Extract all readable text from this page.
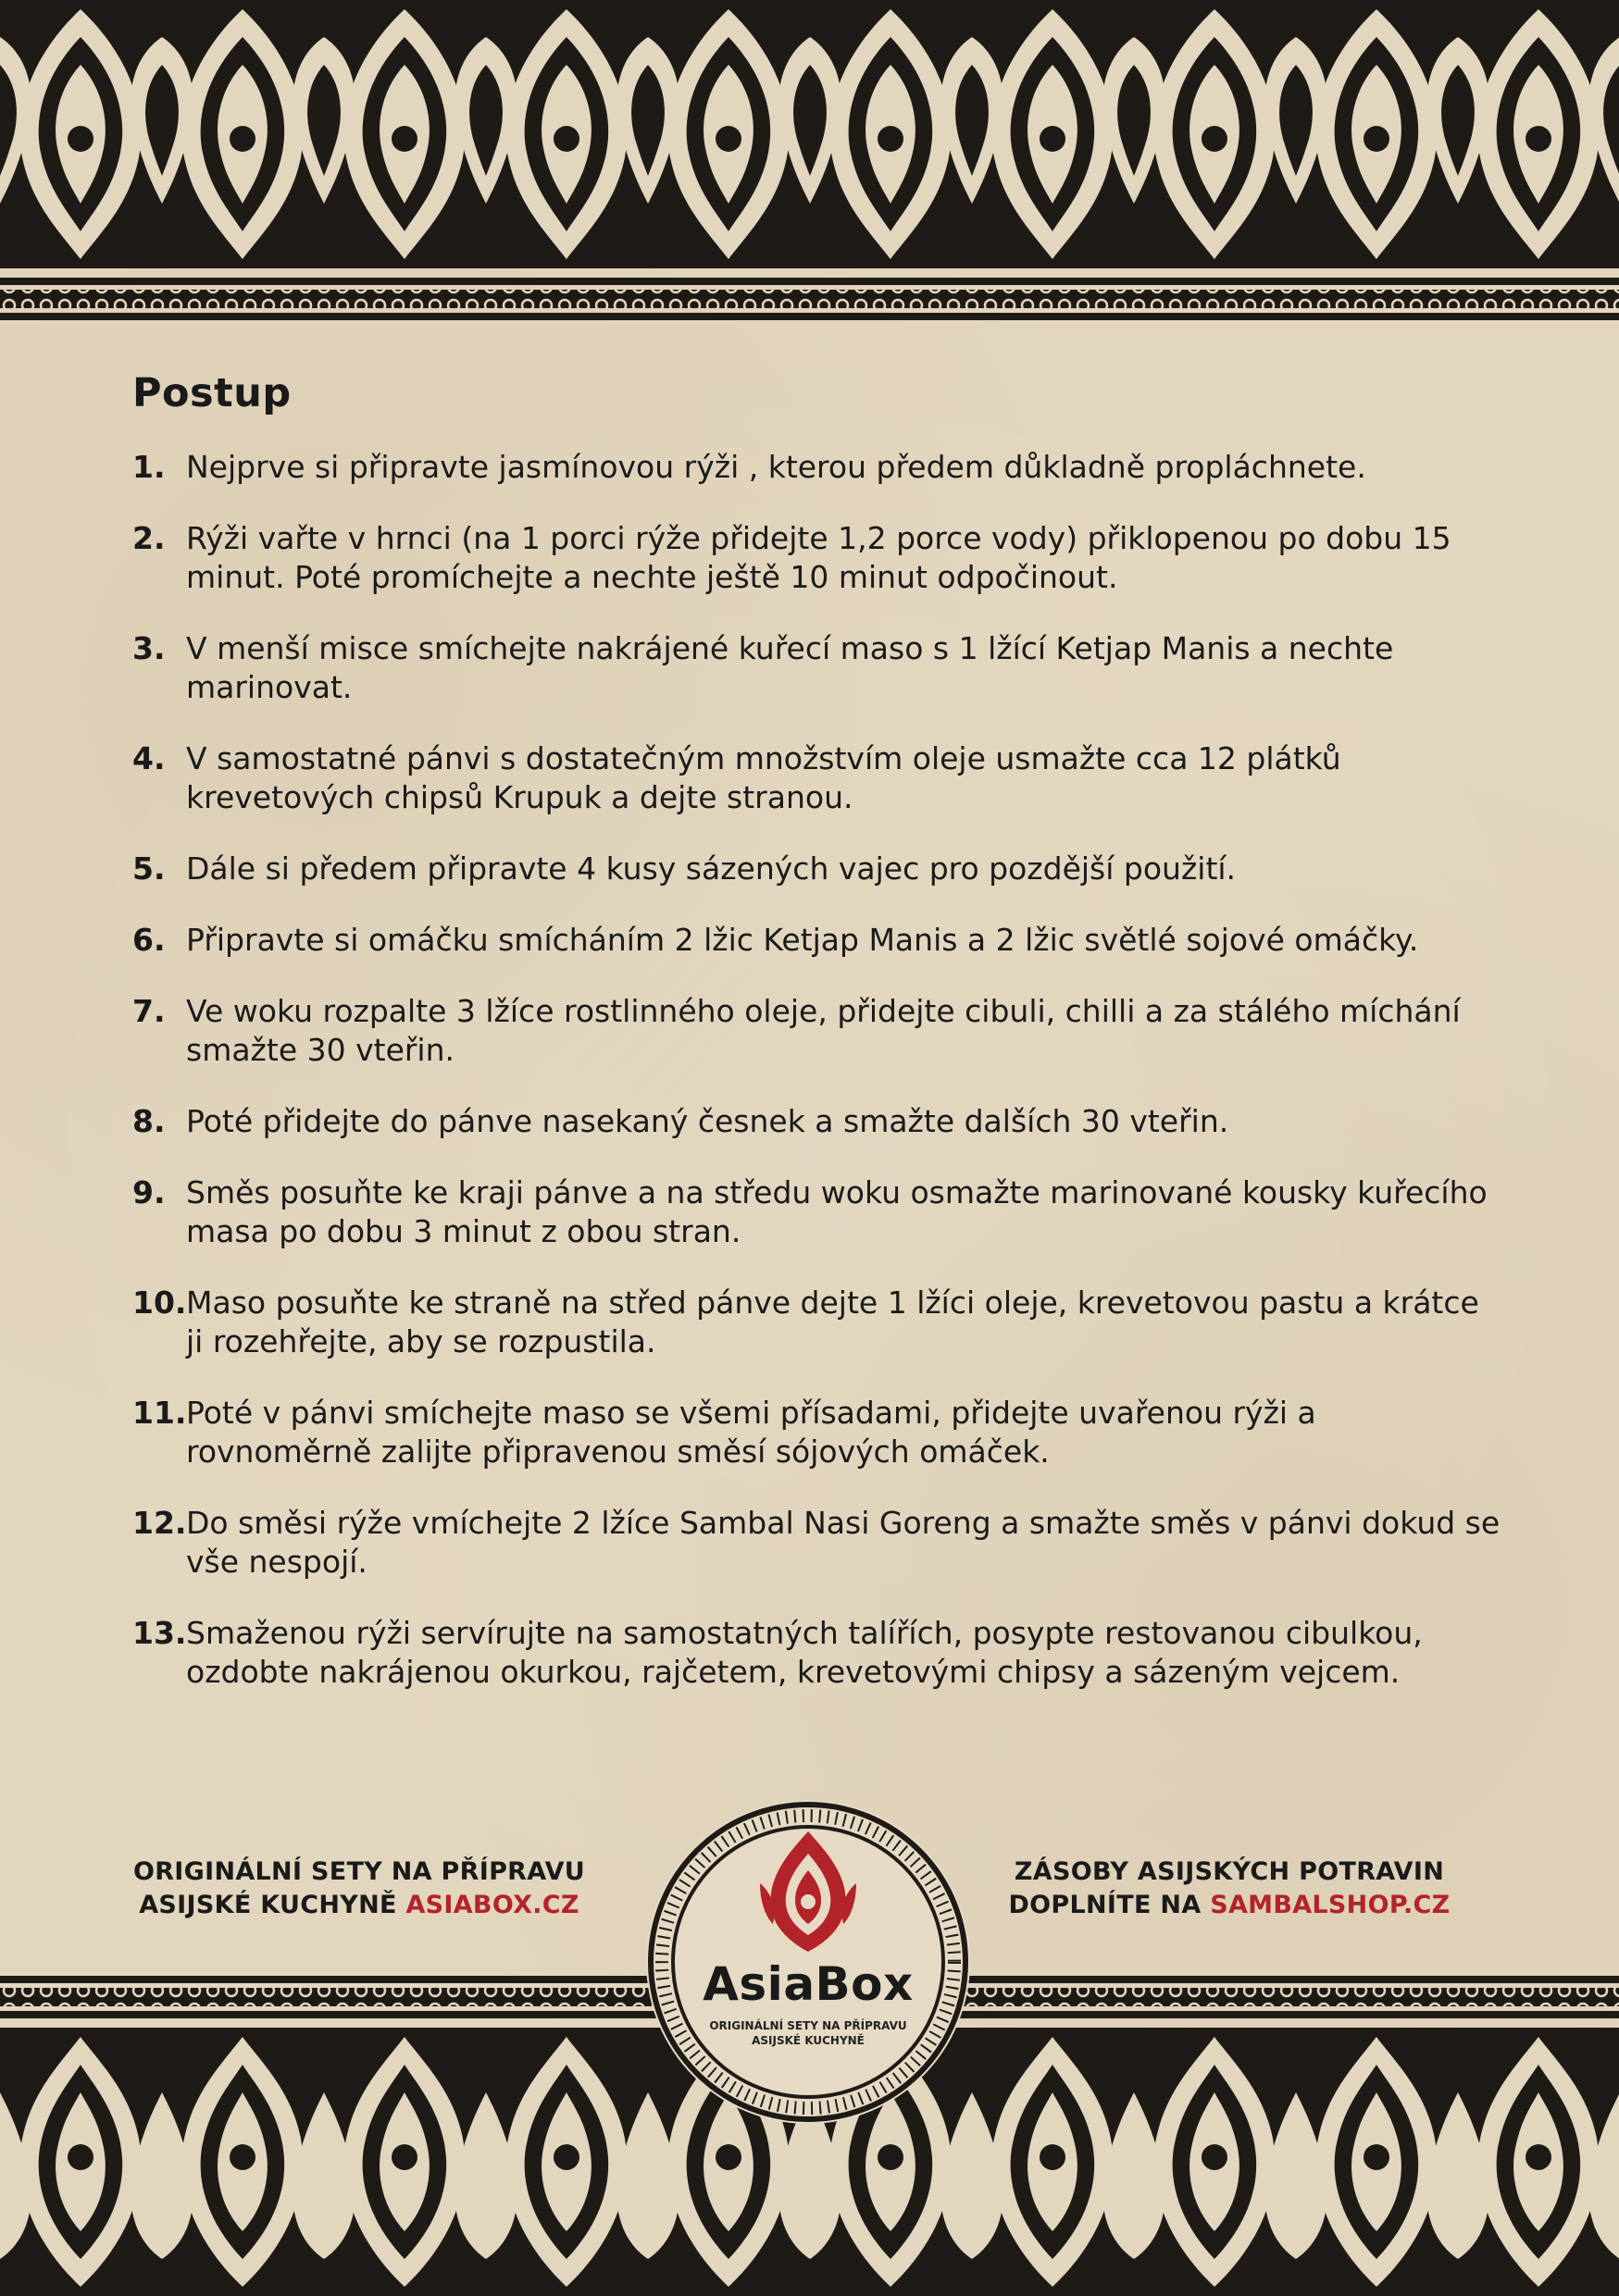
Postup
1. Nejprve si připravte jasmínovou rýži , kterou předem důkladně propláchnete.
2. Rýži vařte v hrnci (na 1 porci rýže přidejte 1,2 porce vody) přiklopenou po dobu 15 minut. Poté promíchejte a nechte ještě 10 minut odpočinout.
3. V menší misce smíchejte nakrájené kuřecí maso s 1 lžící Ketjap Manis a nechte marinovat.
4. V samostatné pánvi s dostatečným množstvím oleje usmažte cca 12 plátků krevetových chipsů Krupuk a dejte stranou.
5. Dále si předem připravte 4 kusy sázených vajec pro pozdější použití.
6. Připravte si omáčku smícháním 2 lžic Ketjap Manis a 2 lžic světlé sojové omáčky.
7. Ve woku rozpalte 3 lžíce rostlinného oleje, přidejte cibuli, chilli a za stálého míchání smažte 30 vteřin.
8. Poté přidejte do pánve nasekaný česnek a smažte dalších 30 vteřin.
9. Směs posuňte ke kraji pánve a na středu woku osmažte marinované kousky kuřecího masa po dobu 3 minut z obou stran.
10. Maso posuňte ke straně na střed pánve dejte 1 lžíci oleje, krevetovou pastu a krátce ji rozehřejte, aby se rozpustila.
11. Poté v pánvi smíchejte maso se všemi přísadami, přidejte uvařenou rýži a rovnoměrně zalijte připravenou směsí sójových omáček.
12. Do směsi rýže vmíchejte 2 lžíce Sambal Nasi Goreng a smažte směs v pánvi dokud se vše nespojí.
13. Smaženou rýži servírujte na samostatných talířích, posypte restovanou cibulkou, ozdobte nakrájenou okurkou, rajčetem, krevetovými chipsy a sázeným vejcem.
ORIGINÁLNÍ SETY NA PŘÍPRAVU
ASIJSKÉ KUCHYNĚ ASIABOX.CZ
ZÁSOBY ASIJSKÝCH POTRAVIN
DOPLNÍTE NA SAMBALSHOP.CZ
AsiaBox
ORIGINÁLNÍ SETY NA PŘÍPRAVU
ASIJSKÉ KUCHYNĚ
